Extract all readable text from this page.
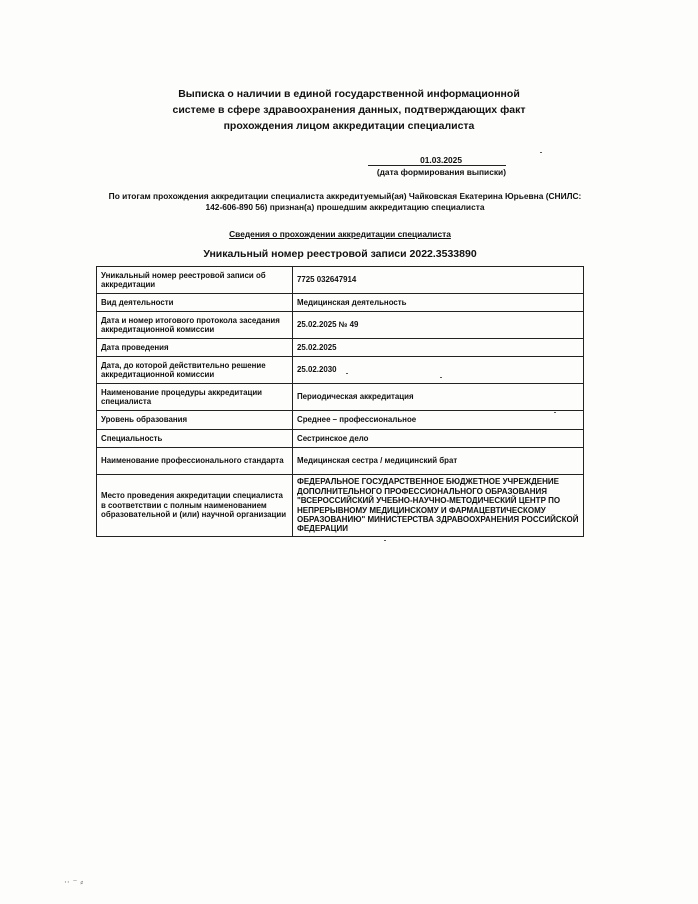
Выписка о наличии в единой государственной информационной
системе в сфере здравоохранения данных, подтверждающих факт
прохождения лицом аккредитации специалиста
01.03.2025
(дата формирования выписки)
По итогам прохождения аккредитации специалиста аккредитуемый(ая) Чайковская Екатерина Юрьевна (СНИЛС: 142-606-890 56) признан(а) прошедшим аккредитацию специалиста
Сведения о прохождении аккредитации специалиста
Уникальный номер реестровой записи 2022.3533890
Уникальный номер реестровой записи об аккредитации	7725 032647914
Вид деятельности	Медицинская деятельность
Дата и номер итогового протокола заседания аккредитационной комиссии	25.02.2025 № 49
Дата проведения	25.02.2025
Дата, до которой действительно решение аккредитационной комиссии	25.02.2030
Наименование процедуры аккредитации специалиста	Периодическая аккредитация
Уровень образования	Среднее – профессиональное
Специальность	Сестринское дело
Наименование профессионального стандарта	Медицинская сестра / медицинский брат
Место проведения аккредитации специалиста в соответствии с полным наименованием образовательной и (или) научной организации	ФЕДЕРАЛЬНОЕ ГОСУДАРСТВЕННОЕ БЮДЖЕТНОЕ УЧРЕЖДЕНИЕ ДОПОЛНИТЕЛЬНОГО ПРОФЕССИОНАЛЬНОГО ОБРАЗОВАНИЯ "ВСЕРОССИЙСКИЙ УЧЕБНО-НАУЧНО-МЕТОДИЧЕСКИЙ ЦЕНТР ПО НЕПРЕРЫВНОМУ МЕДИЦИНСКОМУ И ФАРМАЦЕВТИЧЕСКОМУ ОБРАЗОВАНИЮ" МИНИСТЕРСТВА ЗДРАВООХРАНЕНИЯ РОССИЙСКОЙ ФЕДЕРАЦИИ
·· ⁻ ⸗
